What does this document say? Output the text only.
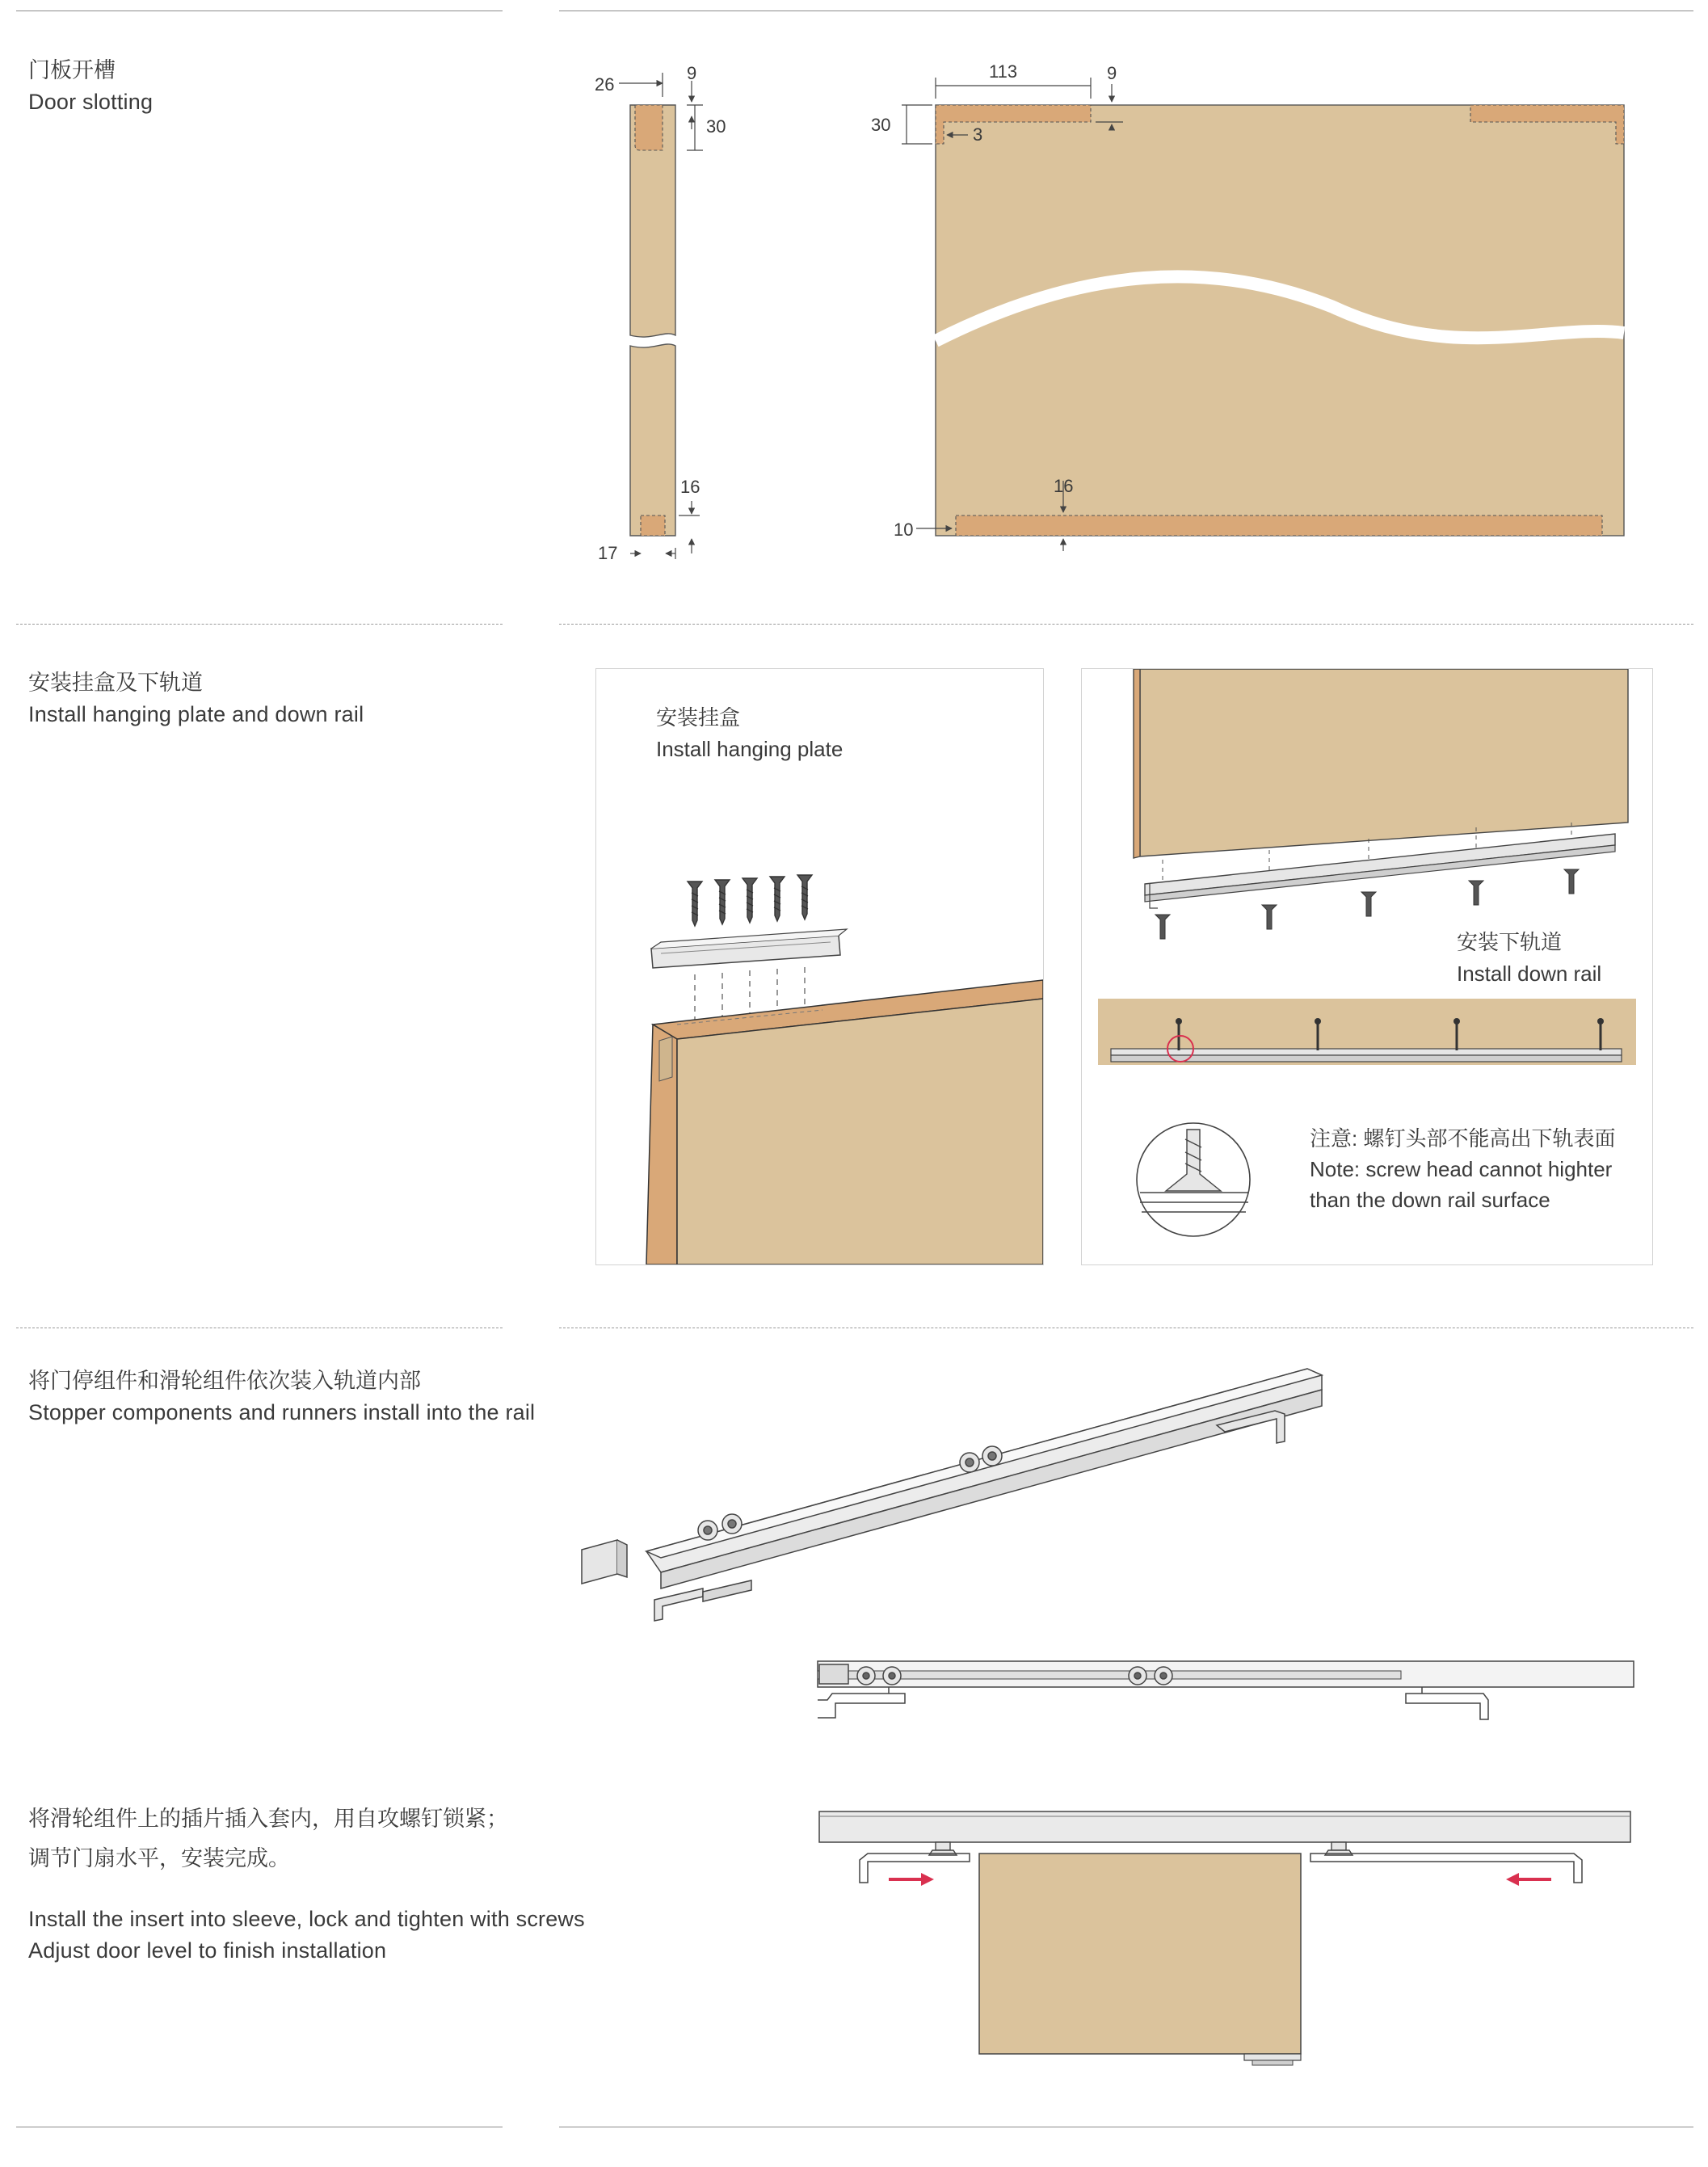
门板开槽
Door slotting
安装挂盒及下轨道
Install hanging plate and down rail
将门停组件和滑轮组件依次装入轨道内部
Stopper components and runners install into the rail
将滑轮组件上的插片插入套内，用自攻螺钉锁紧；
调节门扇水平，安装完成。
Install the insert into sleeve, lock and tighten with screws
Adjust door level to finish installation
26
9
30
16
17
113	9
30	3
16
10
安装挂盒
Install hanging plate
安装下轨道
Install down rail
注意: 螺钉头部不能高出下轨表面
Note: screw head cannot highter
than the down rail surface
